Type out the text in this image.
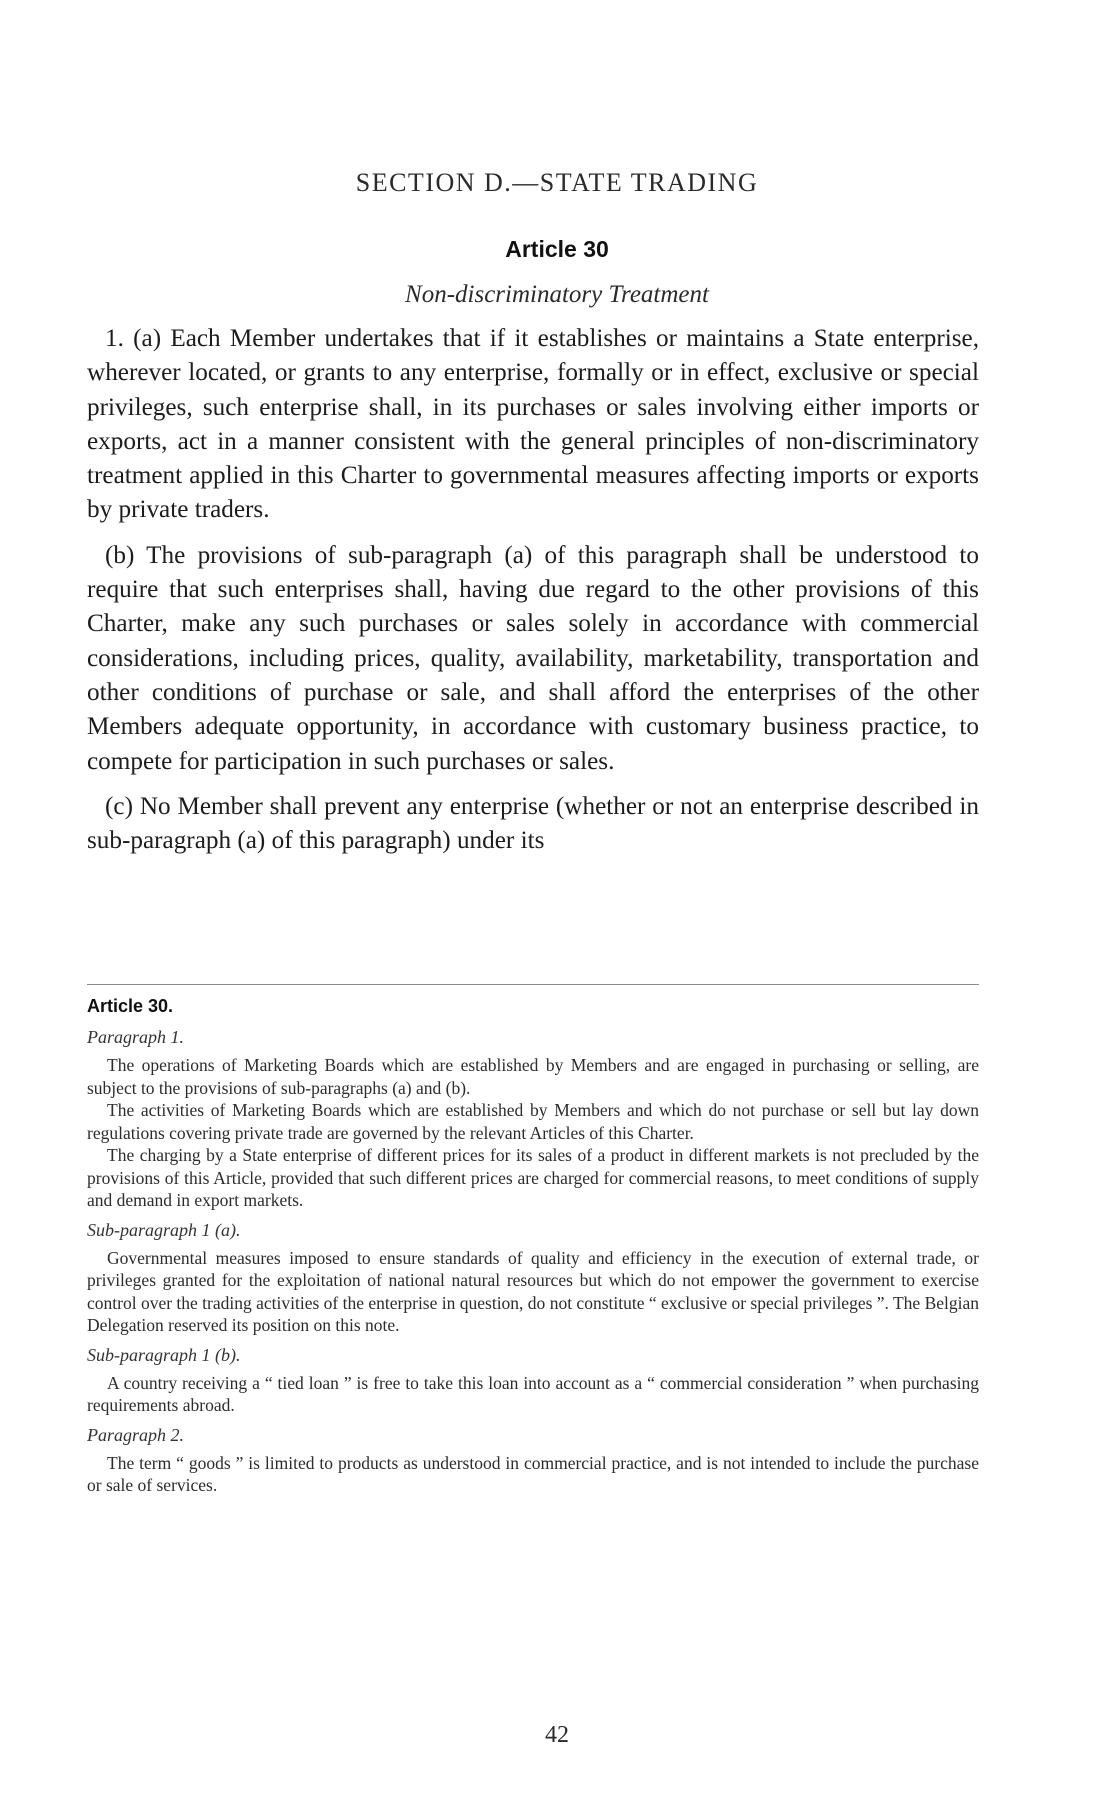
SECTION D.—STATE TRADING
Article 30
Non-discriminatory Treatment

1. (a) Each Member undertakes that if it establishes or maintains a State enterprise, wherever located, or grants to any enterprise, formally or in effect, exclusive or special privileges, such enterprise shall, in its purchases or sales involving either imports or exports, act in a manner consistent with the general principles of non-discriminatory treatment applied in this Charter to governmental measures affecting imports or exports by private traders.

(b) The provisions of sub-paragraph (a) of this paragraph shall be understood to require that such enterprises shall, having due regard to the other provisions of this Charter, make any such purchases or sales solely in accordance with commercial considerations, including prices, quality, availability, marketability, transportation and other conditions of purchase or sale, and shall afford the enterprises of the other Members adequate opportunity, in accordance with customary business practice, to compete for participation in such purchases or sales.

(c) No Member shall prevent any enterprise (whether or not an enterprise described in sub-paragraph (a) of this paragraph) under its

Article 30.
Paragraph 1.

The operations of Marketing Boards which are established by Members and are engaged in purchasing or selling, are subject to the provisions of sub-paragraphs (a) and (b).

The activities of Marketing Boards which are established by Members and which do not purchase or sell but lay down regulations covering private trade are governed by the relevant Articles of this Charter.

The charging by a State enterprise of different prices for its sales of a product in different markets is not precluded by the provisions of this Article, provided that such different prices are charged for commercial reasons, to meet conditions of supply and demand in export markets.

Sub-paragraph 1 (a).

Governmental measures imposed to ensure standards of quality and efficiency in the execution of external trade, or privileges granted for the exploitation of national natural resources but which do not empower the government to exercise control over the trading activities of the enterprise in question, do not constitute “ exclusive or special privileges ”. The Belgian Delegation reserved its position on this note.

Sub-paragraph 1 (b).

A country receiving a “ tied loan ” is free to take this loan into account as a “ commercial consideration ” when purchasing requirements abroad.

Paragraph 2.

The term “ goods ” is limited to products as understood in commercial practice, and is not intended to include the purchase or sale of services.

42
